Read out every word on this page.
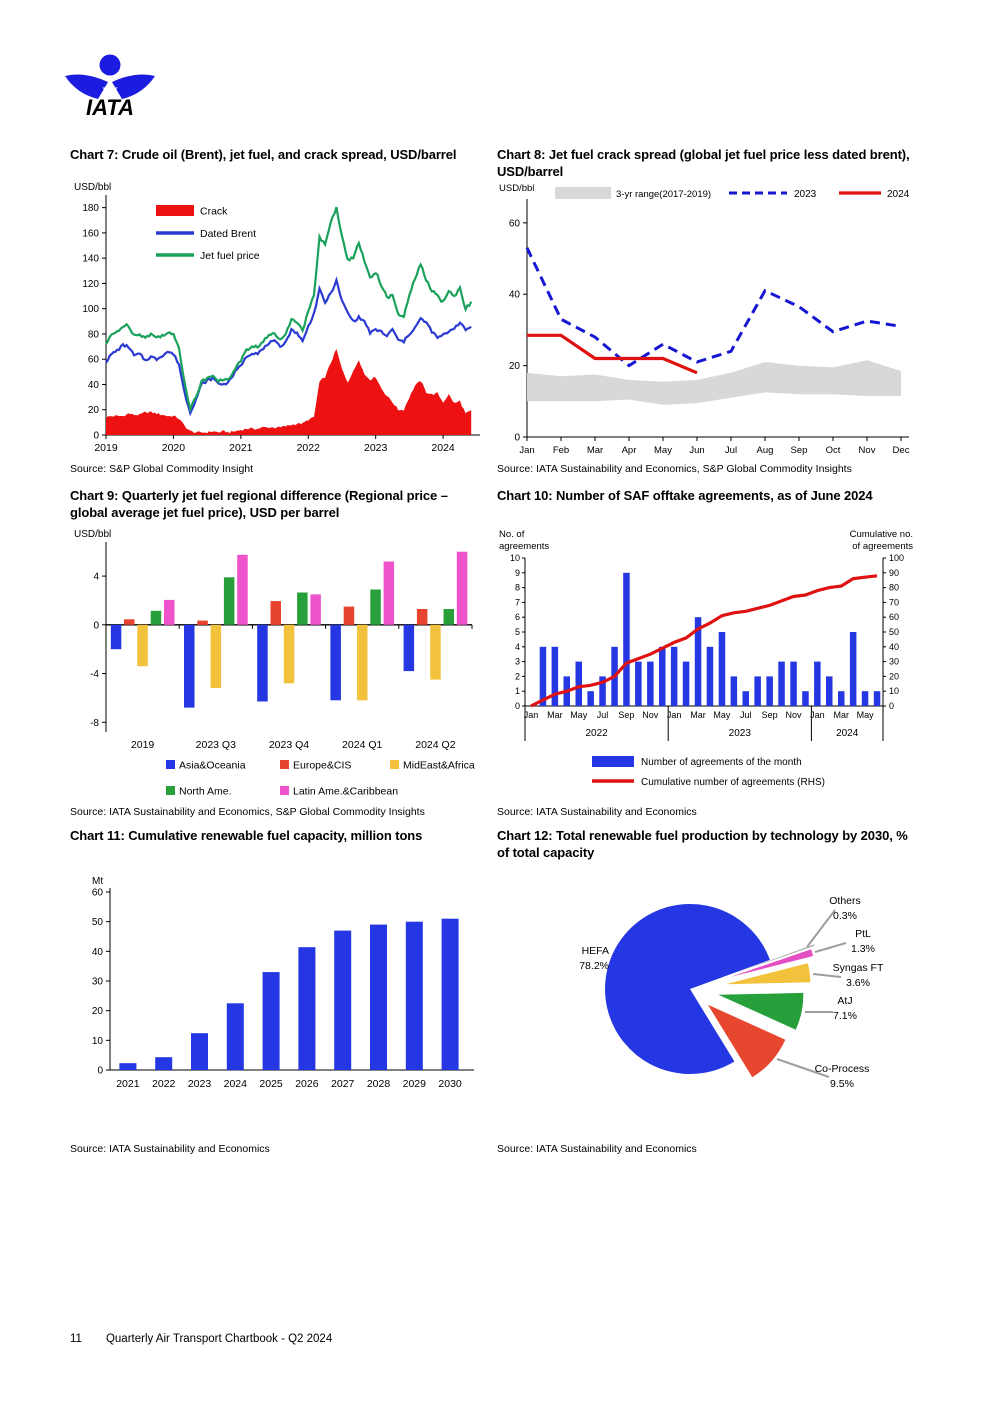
IATA
Chart 7: Crude oil (Brent), jet fuel, and crack spread, USD/barrel
0
20
40
60
80
100
120
140
160
180
2019	2020	2021	2022	2023	2024
USD/bbl
Crack
Dated Brent
Jet fuel price
Source: S&P Global Commodity Insight
Chart 8: Jet fuel crack spread (global jet fuel price less dated brent), USD/barrel
0
20
40
60
Jan Feb Mar Apr May Jun Jul Aug Sep Oct Nov Dec
USD/bbl
3-yr range(2017-2019)	2023	2024
Source: IATA Sustainability and Economics, S&P Global Commodity Insights
Chart 9: Quarterly jet fuel regional difference (Regional price – global average jet fuel price), USD per barrel
4
0
-4
-8
USD/bbl
2019	2023 Q3	2023 Q4	2024 Q1	2024 Q2
Asia&Oceania	Europe&CIS	MidEast&Africa
North Ame.	Latin Ame.&Caribbean
Source: IATA Sustainability and Economics, S&P Global Commodity Insights
Chart 10: Number of SAF offtake agreements, as of June 2024
No. of
agreements
Cumulative no.
of agreements
0
1
2
3
4
5
6
7
8
9
10
0
10
20
30
40
50
60
70
80
90
100
Jan Mar May Jul Sep Nov Jan Mar May Jul Sep Nov Jan Mar May
2022	2023	2024
Number of agreements of the month
Cumulative number of agreements (RHS)
Source: IATA Sustainability and Economics
Chart 11: Cumulative renewable fuel capacity, million tons
Mt
0
10
20
30
40
50
60
2021 2022 2023 2024 2025 2026 2027 2028 2029 2030
Source: IATA Sustainability and Economics
Chart 12: Total renewable fuel production by technology by 2030, % of total capacity
Others
0.3%
PtL
1.3%
Syngas FT
3.6%
AtJ
7.1%
Co-Process
9.5%
HEFA
78.2%
Source: IATA Sustainability and Economics
11 Quarterly Air Transport Chartbook - Q2 2024
